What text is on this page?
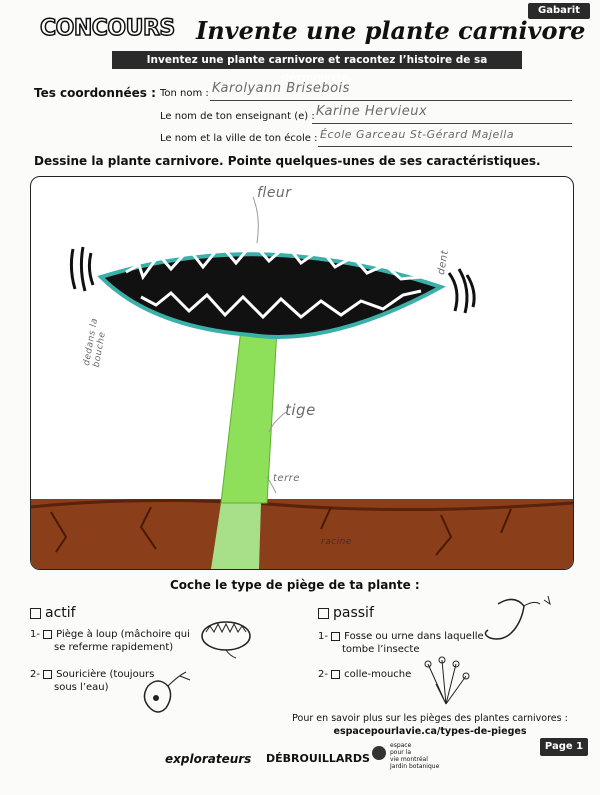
Gabarit
CONCOURS Invente une plante carnivore
Inventez une plante carnivore et racontez l’histoire de sa découverte.
Tes coordonnées : Ton nom : Karolyann Brisebois
Le nom de ton enseignant (e) : Karine Hervieux
Le nom et la ville de ton école : École Garceau St-Gérard Majella
Dessine la plante carnivore. Pointe quelques-unes de ses caractéristiques.
fleur
dent
dedans la bouche
tige
terre
racine
Coche le type de piège de ta plante :
actif
1- Piège à loup (mâchoire qui
se referme rapidement)
2- Souricière (toujours
sous l’eau)
passif
1- Fosse ou urne dans laquelle
tombe l’insecte
2- colle-mouche
Pour en savoir plus sur les pièges des plantes carnivores :
espacepourlavie.ca/types-de-pieges
explorateurs DÉBROUILLARDS
espace
pour la
vie montréal
Jardin botanique
Page 1
